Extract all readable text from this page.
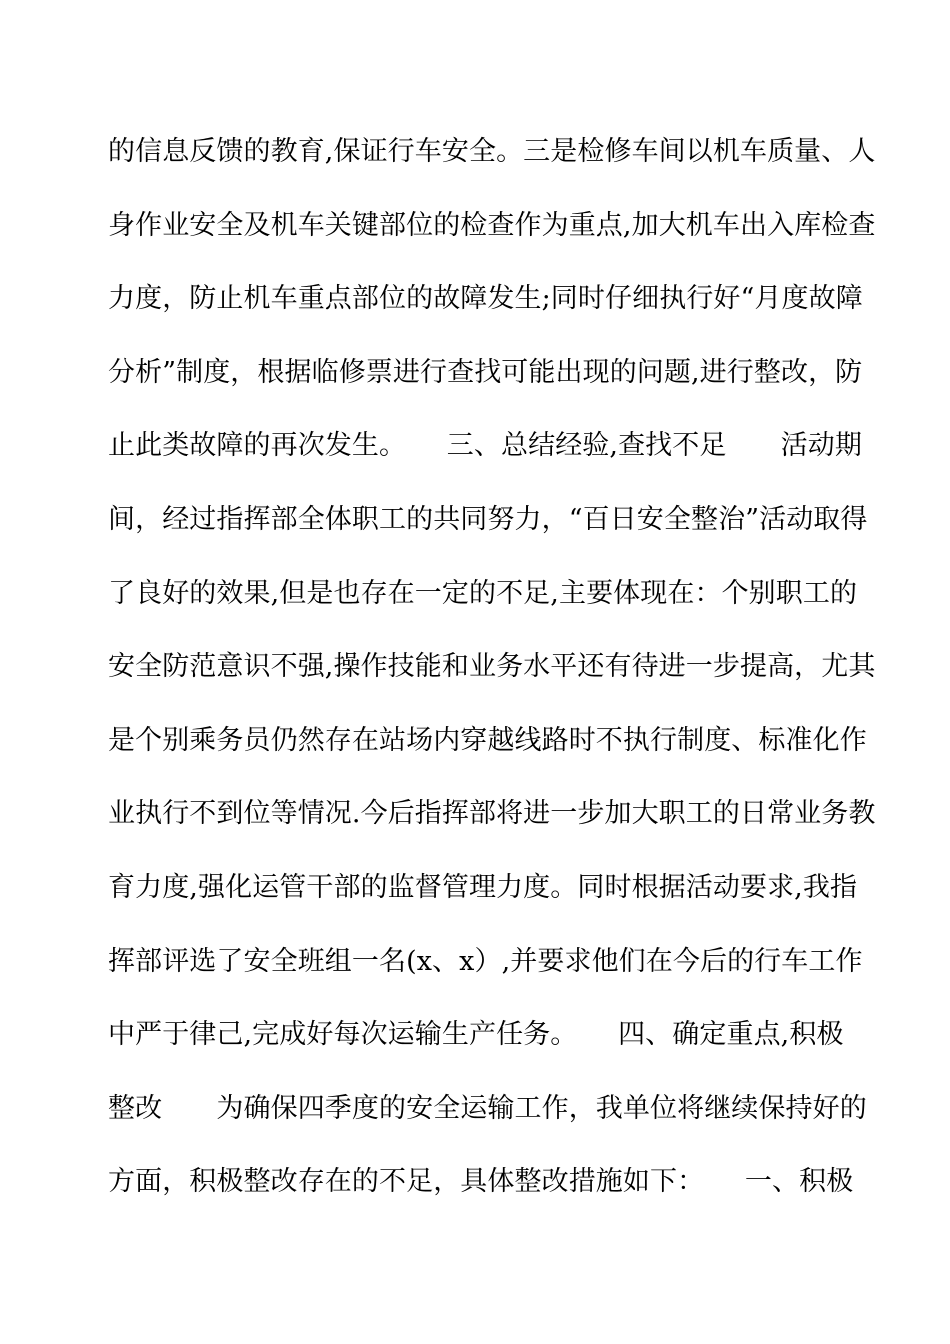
的信息反馈的教育,保证行车安全。三是检修车间以机车质量、人
身作业安全及机车关键部位的检查作为重点,加大机车出入库检查
力度，防止机车重点部位的故障发生;同时仔细执行好“月度故障
分析”制度，根据临修票进行查找可能出现的问题,进行整改，防
止此类故障的再次发生。　　三、总结经验,查找不足　　活动期
间，经过指挥部全体职工的共同努力，“百日安全整治”活动取得
了良好的效果,但是也存在一定的不足,主要体现在：个别职工的
安全防范意识不强,操作技能和业务水平还有待进一步提高，尤其
是个别乘务员仍然存在站场内穿越线路时不执行制度、标准化作
业执行不到位等情况.今后指挥部将进一步加大职工的日常业务教
育力度,强化运管干部的监督管理力度。同时根据活动要求,我指
挥部评选了安全班组一名(x、x）,并要求他们在今后的行车工作
中严于律己,完成好每次运输生产任务。　　四、确定重点,积极
整改　　为确保四季度的安全运输工作，我单位将继续保持好的
方面，积极整改存在的不足，具体整改措施如下：　　一、积极
